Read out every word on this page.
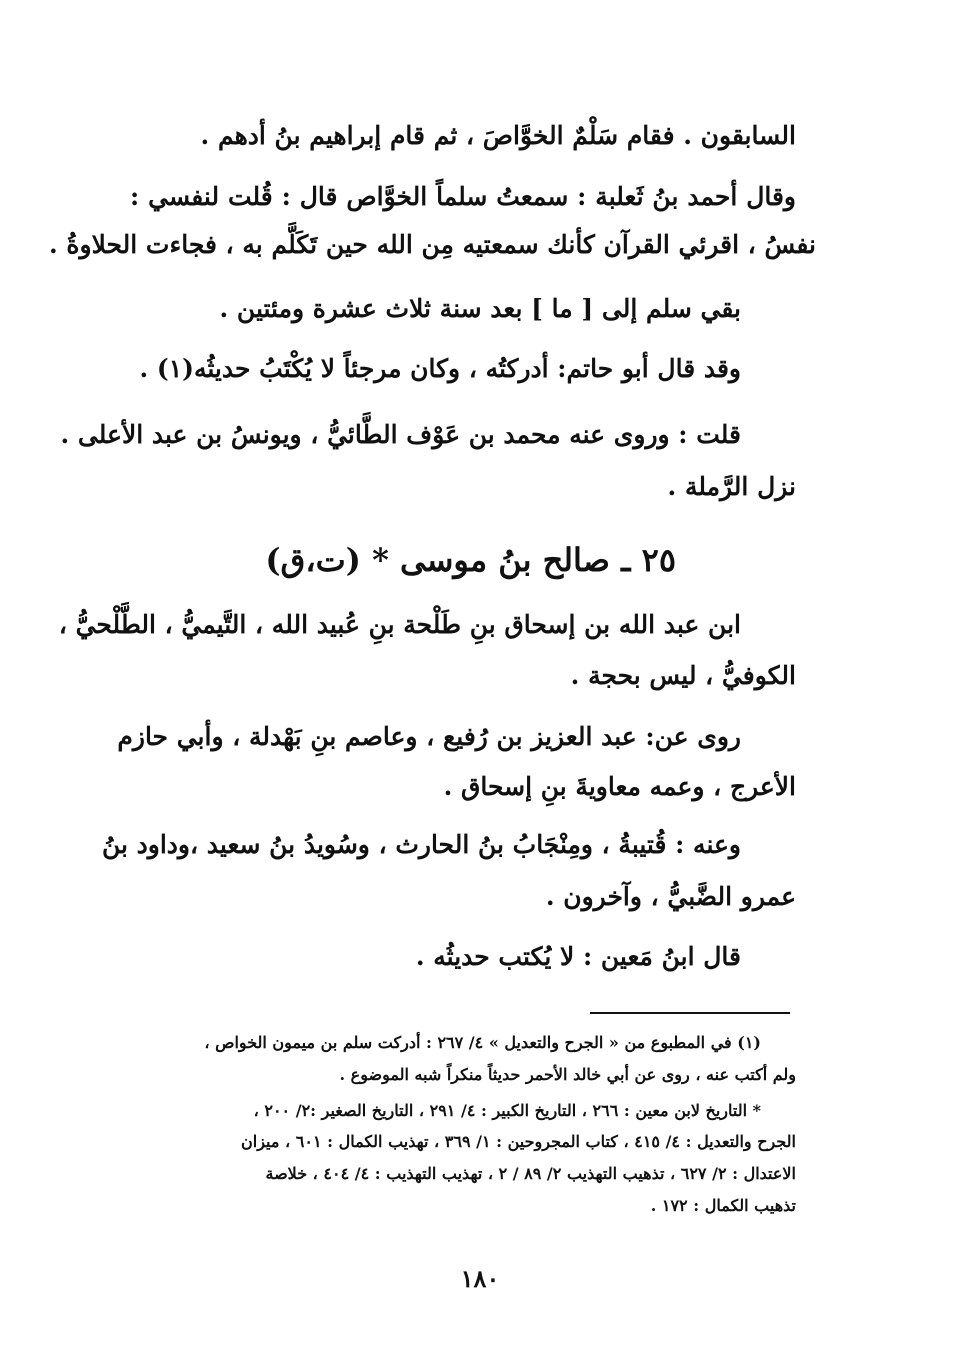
السابقون . فقام سَلْمٌ الخوَّاصَ ، ثم قام إبراهيم بنُ أدهم .
وقال أحمد بنُ ثَعلبة : سمعتُ سلماً الخوَّاص قال : قُلت لنفسي :
نفسُ ، اقرئي القرآن كأنك سمعتيه مِن الله حين تَكَلَّم به ، فجاءت الحلاوةُ .
بقي سلم إلى [ ما ] بعد سنة ثلاث عشرة ومئتين .
وقد قال أبو حاتم: أدركتُه ، وكان مرجئاً لا يُكْتَبُ حديثُه(١) .
قلت : وروى عنه محمد بن عَوْف الطَّائيُّ ، ويونسُ بن عبد الأعلى .
نزل الرَّملة .
٢٥ ـ صالح بنُ موسى * (ت،ق)
ابن عبد الله بن إسحاق بنِ طَلْحة بنِ عُبيد الله ، التَّيميُّ ، الطَّلْحيُّ ،
الكوفيُّ ، ليس بحجة .
روى عن: عبد العزيز بن رُفيع ، وعاصم بنِ بَهْدلة ، وأبي حازم
الأعرج ، وعمه معاويةَ بنِ إسحاق .
وعنه : قُتيبةُ ، ومِنْجَابُ بنُ الحارث ، وسُويدُ بنُ سعيد ،وداود بنُ
عمرو الضَّبيُّ ، وآخرون .
قال ابنُ مَعين : لا يُكتب حديثُه .
(١) في المطبوع من « الجرح والتعديل » ٤/ ٢٦٧ : أدركت سلم بن ميمون الخواص ،
ولم أكتب عنه ، روى عن أبي خالد الأحمر حديثاً منكراً شبه الموضوع .
* التاريخ لابن معين : ٢٦٦ ، التاريخ الكبير : ٤/ ٢٩١ ، التاريخ الصغير :٢/ ٢٠٠ ،
الجرح والتعديل : ٤/ ٤١٥ ، كتاب المجروحين : ١/ ٣٦٩ ، تهذيب الكمال : ٦٠١ ، ميزان
الاعتدال : ٢/ ٦٢٧ ، تذهيب التهذيب ٢/ ٨٩ / ٢ ، تهذيب التهذيب : ٤/ ٤٠٤ ، خلاصة
تذهيب الكمال : ١٧٢ .
١٨٠
